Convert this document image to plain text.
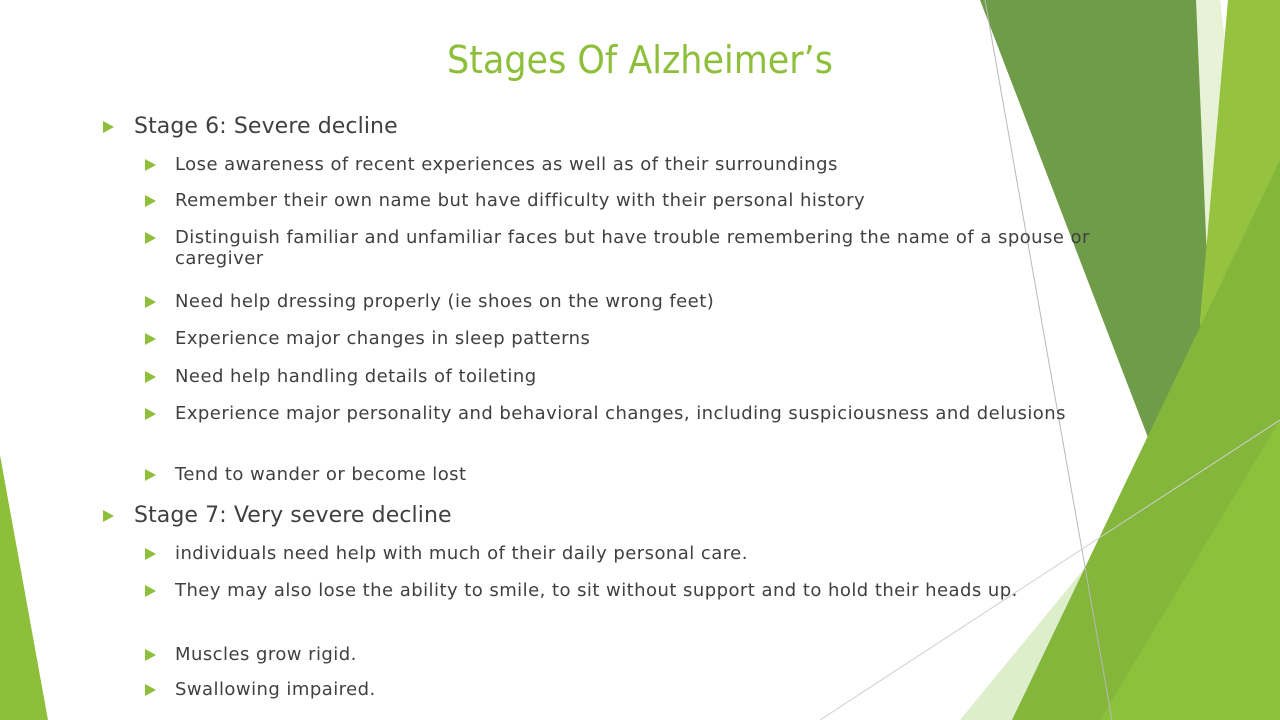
Stages Of Alzheimer’s
Stage 6: Severe decline
Lose awareness of recent experiences as well as of their surroundings
Remember their own name but have difficulty with their personal history
Distinguish familiar and unfamiliar faces but have trouble remembering the name of a spouse or caregiver
Need help dressing properly (ie shoes on the wrong feet)
Experience major changes in sleep patterns
Need help handling details of toileting
Experience major personality and behavioral changes, including suspiciousness and delusions
Tend to wander or become lost
Stage 7: Very severe decline
individuals need help with much of their daily personal care.
They may also lose the ability to smile, to sit without support and to hold their heads up.
Muscles grow rigid.
Swallowing impaired.
